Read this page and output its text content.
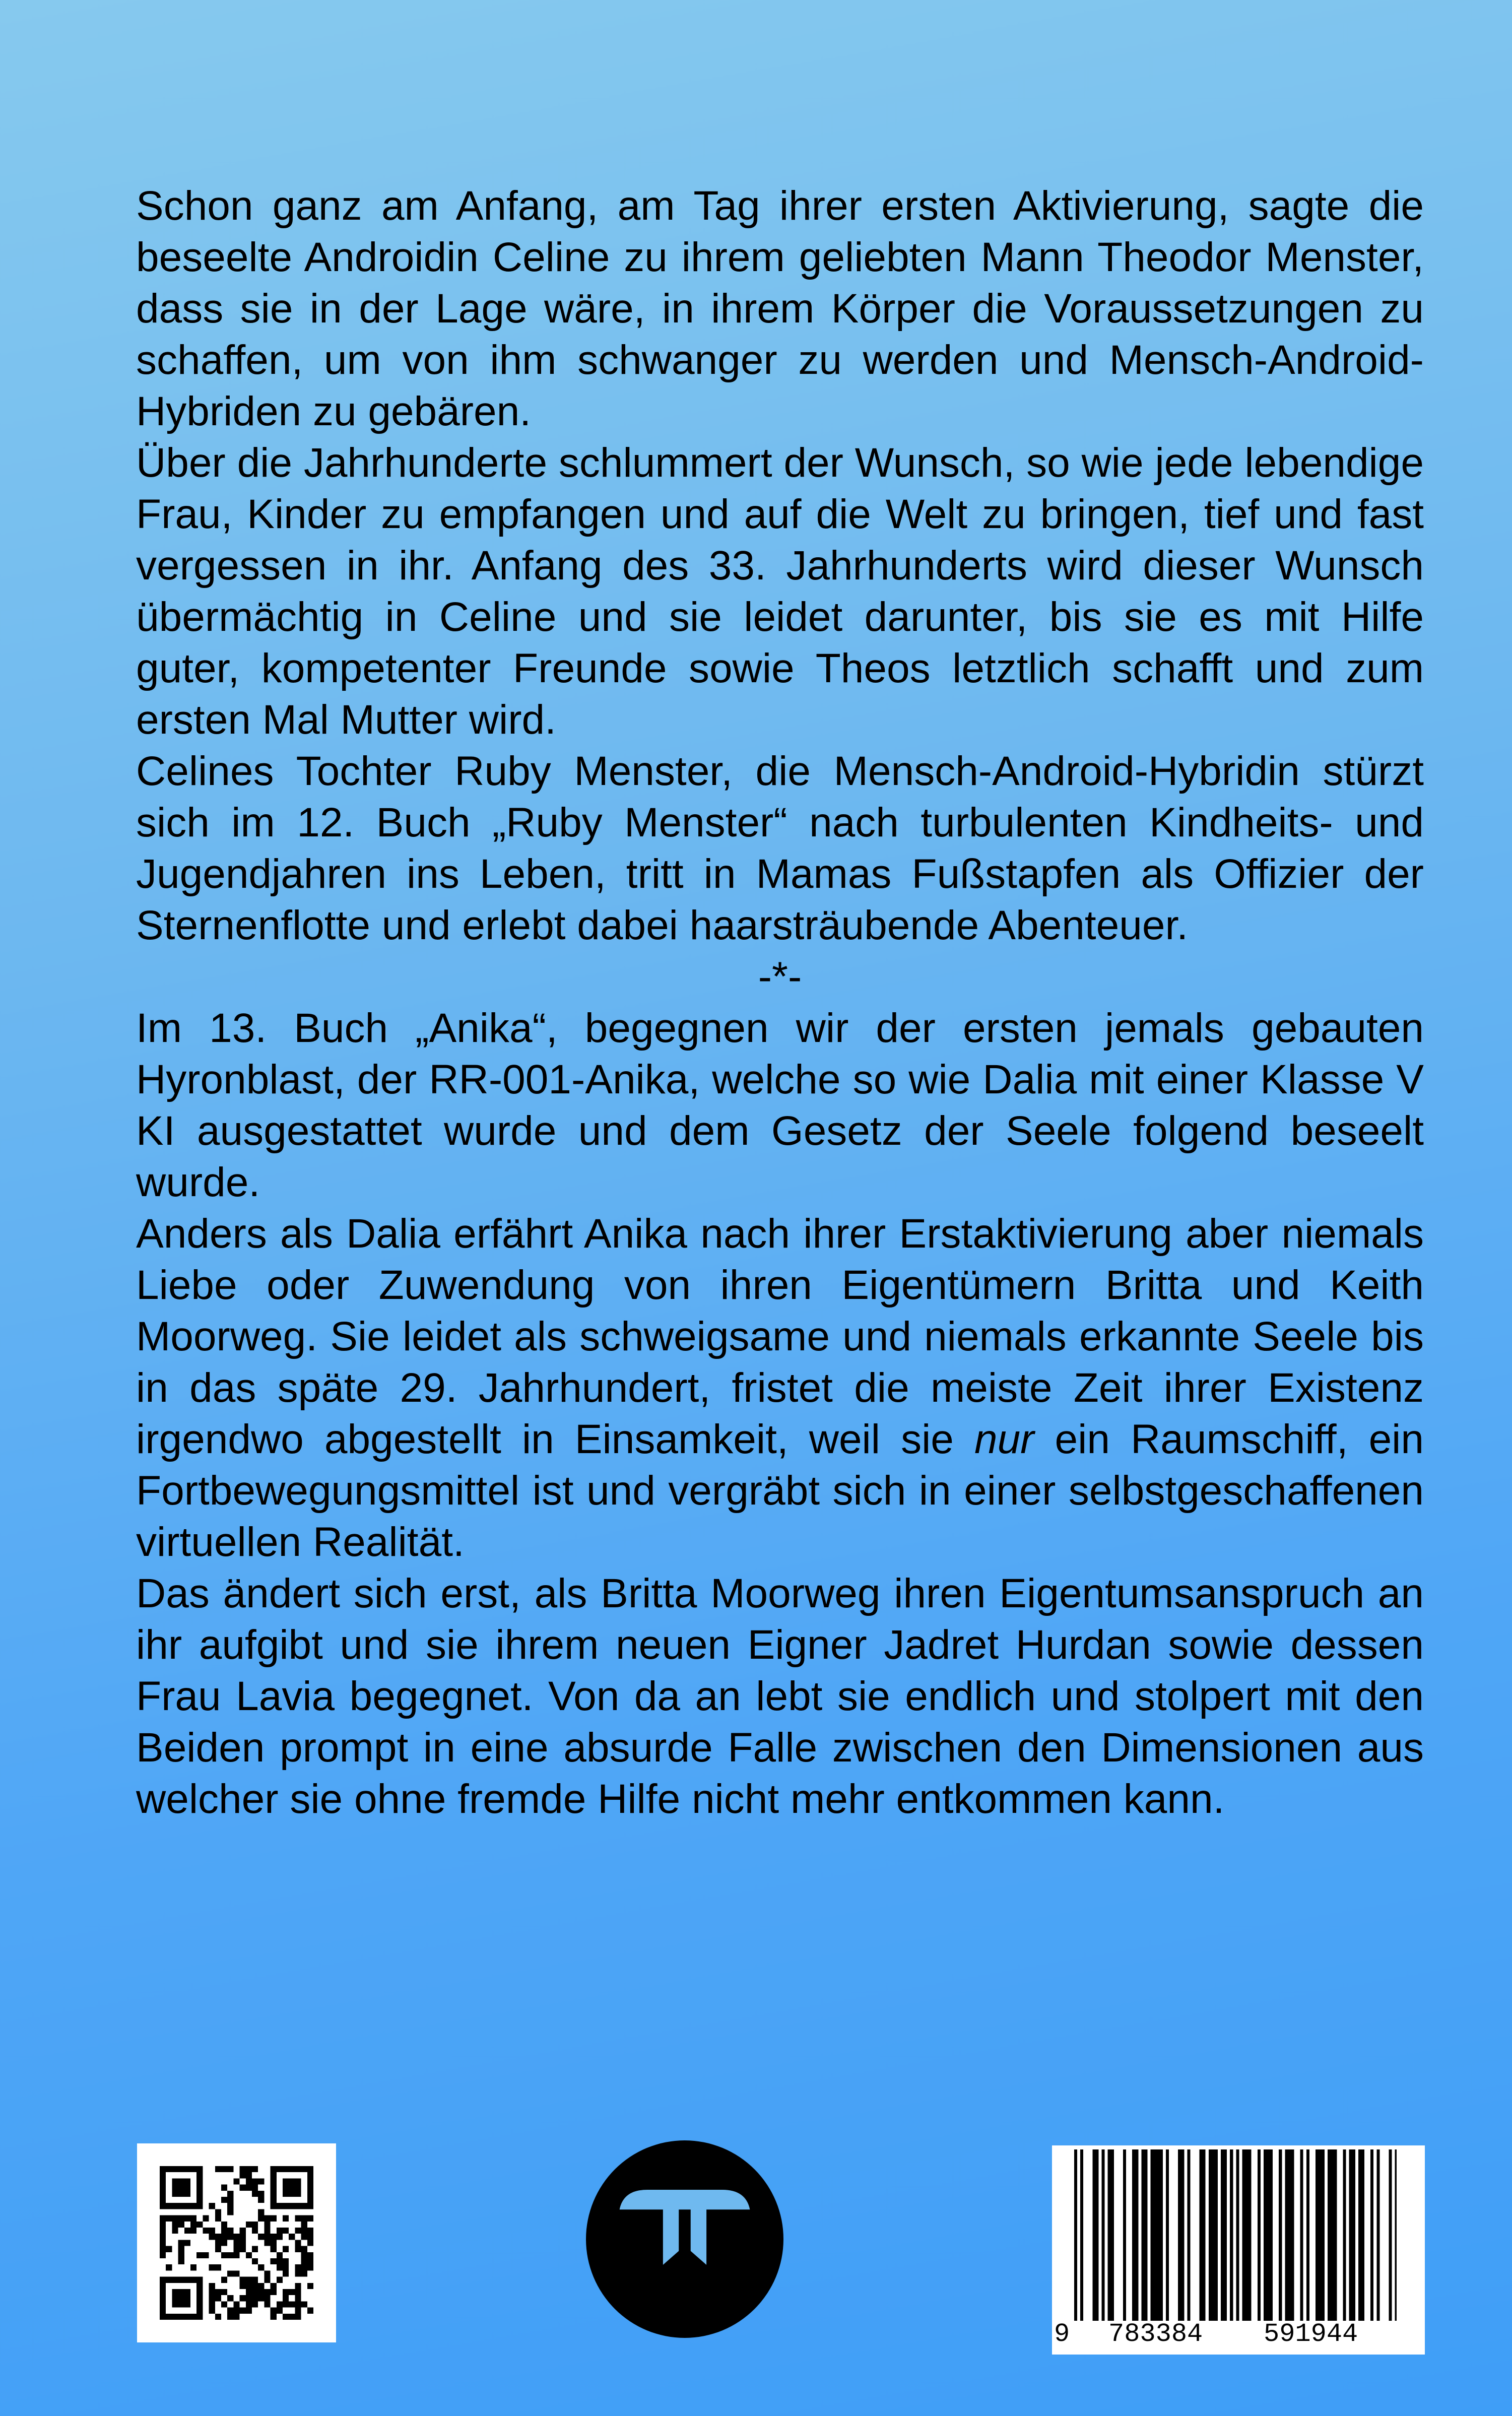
Schon ganz am Anfang, am Tag ihrer ersten Aktivierung, sagte die beseelte Androidin Celine zu ihrem geliebten Mann Theodor Menster, dass sie in der Lage wäre, in ihrem Körper die Voraussetzungen zu schaffen, um von ihm schwanger zu werden und Mensch-Android-Hybriden zu gebären.

Über die Jahrhunderte schlummert der Wunsch, so wie jede lebendige Frau, Kinder zu empfangen und auf die Welt zu bringen, tief und fast vergessen in ihr. Anfang des 33. Jahrhunderts wird dieser Wunsch übermächtig in Celine und sie leidet darunter, bis sie es mit Hilfe guter, kompetenter Freunde sowie Theos letztlich schafft und zum ersten Mal Mutter wird.

Celines Tochter Ruby Menster, die Mensch-Android-Hybridin stürzt sich im 12. Buch „Ruby Menster“ nach turbulenten Kindheits- und Jugendjahren ins Leben, tritt in Mamas Fußstapfen als Offizier der Sternenflotte und erlebt dabei haarsträubende Abenteuer.

-*-

Im 13. Buch „Anika“, begegnen wir der ersten jemals gebauten Hyronblast, der RR-001-Anika, welche so wie Dalia mit einer Klasse V KI ausgestattet wurde und dem Gesetz der Seele folgend beseelt wurde.

Anders als Dalia erfährt Anika nach ihrer Erstaktivierung aber niemals Liebe oder Zuwendung von ihren Eigentümern Britta und Keith Moorweg. Sie leidet als schweigsame und niemals erkannte Seele bis in das späte 29. Jahrhundert, fristet die meiste Zeit ihrer Existenz irgendwo abgestellt in Einsamkeit, weil sie nur ein Raumschiff, ein Fortbewegungsmittel ist und vergräbt sich in einer selbstgeschaffenen virtuellen Realität.

Das ändert sich erst, als Britta Moorweg ihren Eigentumsanspruch an ihr aufgibt und sie ihrem neuen Eigner Jadret Hurdan sowie dessen Frau Lavia begegnet. Von da an lebt sie endlich und stolpert mit den Beiden prompt in eine absurde Falle zwischen den Dimensionen aus welcher sie ohne fremde Hilfe nicht mehr entkommen kann.

9 783384 591944
